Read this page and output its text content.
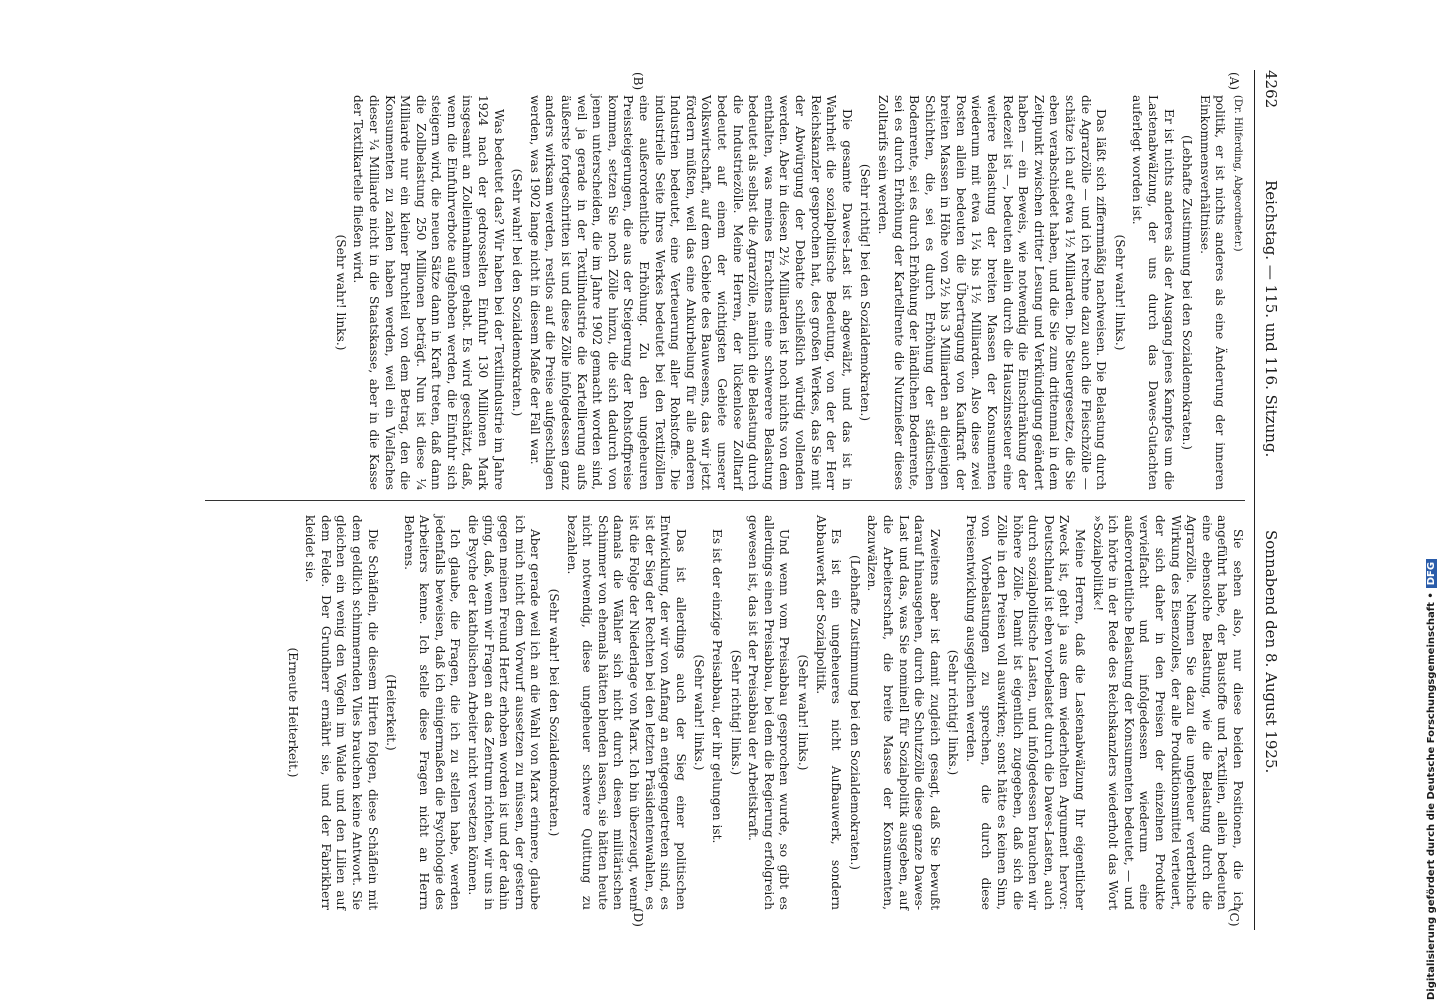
4262
Reichstag. — 115. und 116. Sitzung.
Sonnabend den 8. August 1925.
(A)
(B)
(C)
(D)

(Dr. Hilferding, Abgeordneter.)

politik, er ist nichts anderes als eine Änderung der inneren Einkommensverhältnisse.

(Lebhafte Zustimmung bei den Sozialdemokraten.)

Er ist nichts anderes als der Ausgang jenes Kampfes um die Lastenabwälzung, der uns durch das Dawes-Gutachten auferlegt worden ist.

(Sehr wahr! links.)

Das läßt sich ziffernmäßig nachweisen. Die Belastung durch die Agrarzölle — und ich rechne dazu auch die Fleischzölle — schätze ich auf etwa 1½ Milliarden. Die Steuergesetze, die Sie eben verabschiedet haben, und die Sie zum drittenmal in dem Zeitpunkt zwischen dritter Lesung und Verkündigung geändert haben — ein Beweis, wie notwendig die Einschränkung der Redezeit ist —, bedeuten allein durch die Hauszinssteuer eine weitere Belastung der breiten Massen der Konsumenten wiederum mit etwa 1¼ bis 1½ Milliarden. Also diese zwei Posten allein bedeuten die Übertragung von Kaufkraft der breiten Massen in Höhe von 2½ bis 3 Milliarden an diejenigen Schichten, die, sei es durch Erhöhung der städtischen Bodenrente, sei es durch Erhöhung der ländlichen Bodenrente, sei es durch Erhöhung der Kartellrente die Nutznießer dieses Zolltarifs sein werden.

(Sehr richtig! bei den Sozialdemokraten.)

Die gesamte Dawes-Last ist abgewälzt, und das ist in Wahrheit die sozialpolitische Bedeutung, von der der Herr Reichskanzler gesprochen hat, des großen Werkes, das Sie mit der Abwürgung der Debatte schließlich würdig vollenden werden. Aber in diesen 2½ Milliarden ist noch nichts von dem enthalten, was meines Erachtens eine schwerere Belastung bedeutet als selbst die Agrarzölle, nämlich die Belastung durch die Industriezölle. Meine Herren, der lückenlose Zolltarif bedeutet auf einem der wichtigsten Gebiete unserer Volkswirtschaft, auf dem Gebiete des Bauwesens, das wir jetzt fördern müßten, weil das eine Ankurbelung für alle anderen Industrien bedeutet, eine Verteuerung aller Rohstoffe. Die industrielle Seite Ihres Werkes bedeutet bei den Textilzöllen eine außerordentliche Erhöhung. Zu den ungeheuren Preissteigerungen, die aus der Steigerung der Rohstoffpreise kommen, setzen Sie noch Zölle hinzu, die sich dadurch von jenen unterscheiden, die im Jahre 1902 gemacht worden sind, weil ja gerade in der Textilindustrie die Kartellierung aufs äußerste fortgeschritten ist und diese Zölle infolgedessen ganz anders wirksam werden, restlos auf die Preise aufgeschlagen werden, was 1902 lange nicht in diesem Maße der Fall war.

(Sehr wahr! bei den Sozialdemokraten.)

Was bedeutet das? Wir haben bei der Textilindustrie im Jahre 1924 nach der gedrosselten Einfuhr 130 Millionen Mark insgesamt an Zolleinnahmen gehabt. Es wird geschätzt, daß, wenn die Einfuhrverbote aufgehoben werden, die Einfuhr sich steigern wird, die neuen Sätze dann in Kraft treten, daß dann die Zollbelastung 250 Millionen beträgt. Nun ist diese ¼ Milliarde nur ein kleiner Bruchteil von dem Betrag, den die Konsumenten zu zahlen haben werden, weil ein Vielfaches dieser ¼ Milliarde nicht in die Staatskasse, aber in die Kasse der Textilkartelle fließen wird.

(Sehr wahr! links.)

Sie sehen also, nur diese beiden Positionen, die ich angeführt habe, der Baustoffe und Textilien, allein bedeuten eine ebensolche Belastung, wie die Belastung durch die Agrarzölle. Nehmen Sie dazu die ungeheuer verderbliche Wirkung des Eisenzolles, der alle Produktionsmittel verteuert, der sich daher in den Preisen der einzelnen Produkte vervielfacht und infolgedessen wiederum eine außerordentliche Belastung der Konsumenten bedeutet, — und ich hörte in der Rede des Reichskanzlers wiederholt das Wort »Sozialpolitik«!

Meine Herren, daß die Lastenabwälzung Ihr eigentlicher Zweck ist, geht ja aus dem wiederholten Argument hervor: Deutschland ist eben vorbelastet durch die Dawes-Lasten, auch durch sozialpolitische Lasten, und infolgedessen brauchen wir höhere Zölle. Damit ist eigentlich zugegeben, daß sich die Zölle in den Preisen voll auswirken; sonst hätte es keinen Sinn, von Vorbelastungen zu sprechen, die durch diese Preisentwicklung ausgeglichen werden.

(Sehr richtig! links.)

Zweitens aber ist damit zugleich gesagt, daß Sie bewußt darauf hinausgehen, durch die Schutzzölle diese ganze Dawes-Last und das, was Sie nominell für Sozialpolitik ausgeben, auf die Arbeiterschaft, die breite Masse der Konsumenten, abzuwälzen.

(Lebhafte Zustimmung bei den Sozialdemokraten.)

Es ist ein ungeheueres nicht Aufbauwerk, sondern Abbauwerk der Sozialpolitik.

(Sehr wahr! links.)

Und wenn vom Preisabbau gesprochen wurde, so gibt es allerdings einen Preisabbau, bei dem die Regierung erfolgreich gewesen ist, das ist der Preisabbau der Arbeitskraft.

(Sehr richtig! links.)

Es ist der einzige Preisabbau, der ihr gelungen ist.

(Sehr wahr! links.)

Das ist allerdings auch der Sieg einer politischen Entwicklung, der wir von Anfang an entgegengetreten sind, es ist der Sieg der Rechten bei den letzten Präsidentenwahlen, es ist die Folge der Niederlage von Marx. Ich bin überzeugt, wenn damals die Wähler sich nicht durch diesen militärischen Schimmer von ehemals hätten blenden lassen, sie hätten heute nicht notwendig, diese ungeheuer schwere Quittung zu bezahlen.

(Sehr wahr! bei den Sozialdemokraten.)

Aber gerade weil ich an die Wahl von Marx erinnere, glaube ich mich nicht dem Vorwurf aussetzen zu müssen, der gestern gegen meinen Freund Hertz erhoben worden ist und der dahin ging, daß, wenn wir Fragen an das Zentrum richten, wir uns in die Psyche der katholischen Arbeiter nicht versetzen können.

Ich glaube, die Fragen, die ich zu stellen habe, werden jedenfalls beweisen, daß ich einigermaßen die Psychologie des Arbeiters kenne. Ich stelle diese Fragen nicht an Herrn Behrens.

(Heiterkeit.)

Die Schäflein, die diesem Hirten folgen, diese Schäflein mit dem geldlich schimmernden Vlies brauchen keine Antwort. Sie gleichen ein wenig den Vögeln im Walde und den Lilien auf dem Felde. Der Grundherr ernährt sie, und der Fabrikherr kleidet sie.

(Erneute Heiterkeit.)	Digitalisierung gefördert durch die Deutsche Forschungsgemeinschaft •DFG
